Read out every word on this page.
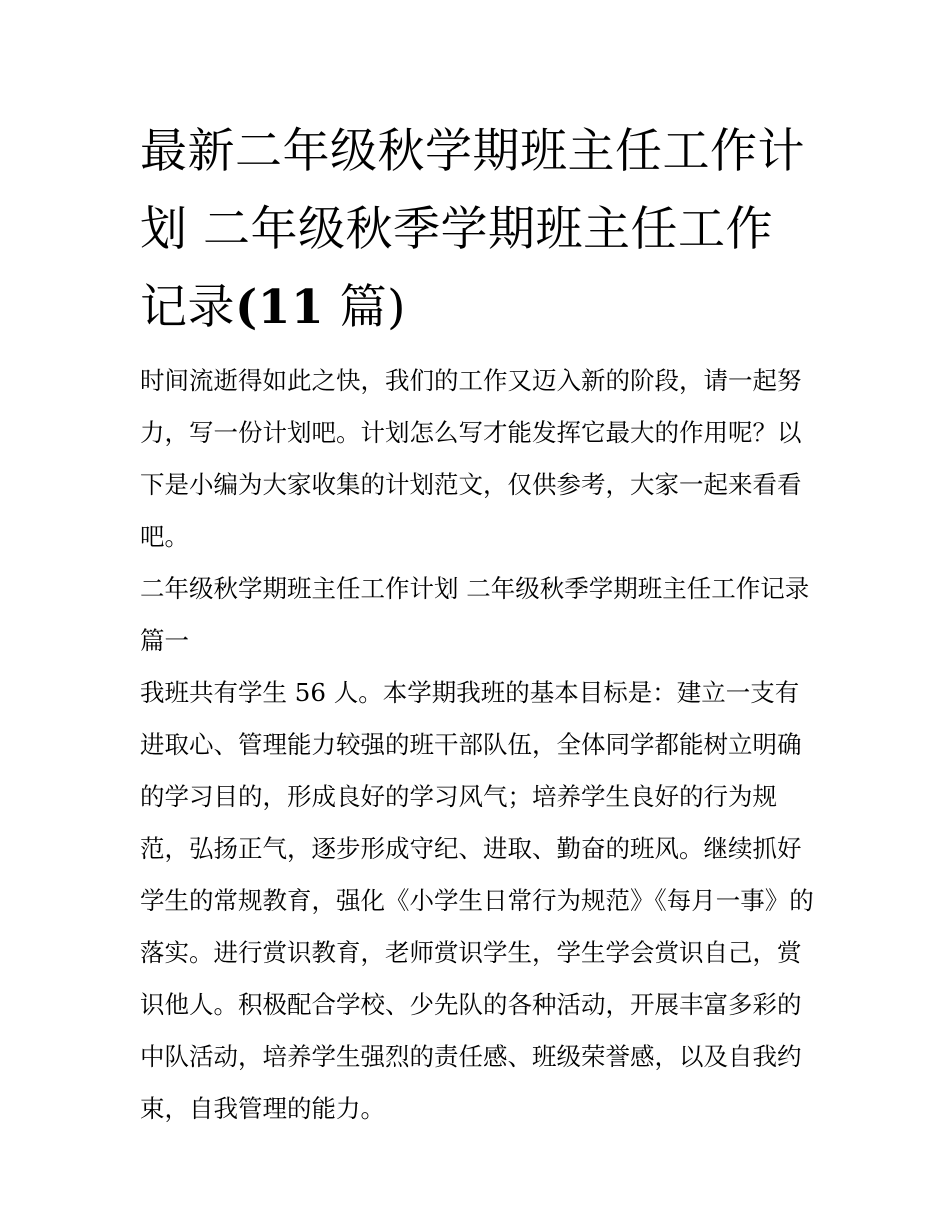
最新二年级秋学期班主任工作计划 二年级秋季学期班主任工作记录(11 篇)

时间流逝得如此之快，我们的工作又迈入新的阶段，请一起努力，写一份计划吧。计划怎么写才能发挥它最大的作用呢？以下是小编为大家收集的计划范文，仅供参考，大家一起来看看吧。

二年级秋学期班主任工作计划 二年级秋季学期班主任工作记录篇一

我班共有学生 56 人。本学期我班的基本目标是：建立一支有进取心、管理能力较强的班干部队伍，全体同学都能树立明确的学习目的，形成良好的学习风气；培养学生良好的行为规范，弘扬正气，逐步形成守纪、进取、勤奋的班风。继续抓好学生的常规教育，强化《小学生日常行为规范》《每月一事》的落实。进行赏识教育，老师赏识学生，学生学会赏识自己，赏识他人。积极配合学校、少先队的各种活动，开展丰富多彩的中队活动，培养学生强烈的责任感、班级荣誉感，以及自我约束，自我管理的能力。
